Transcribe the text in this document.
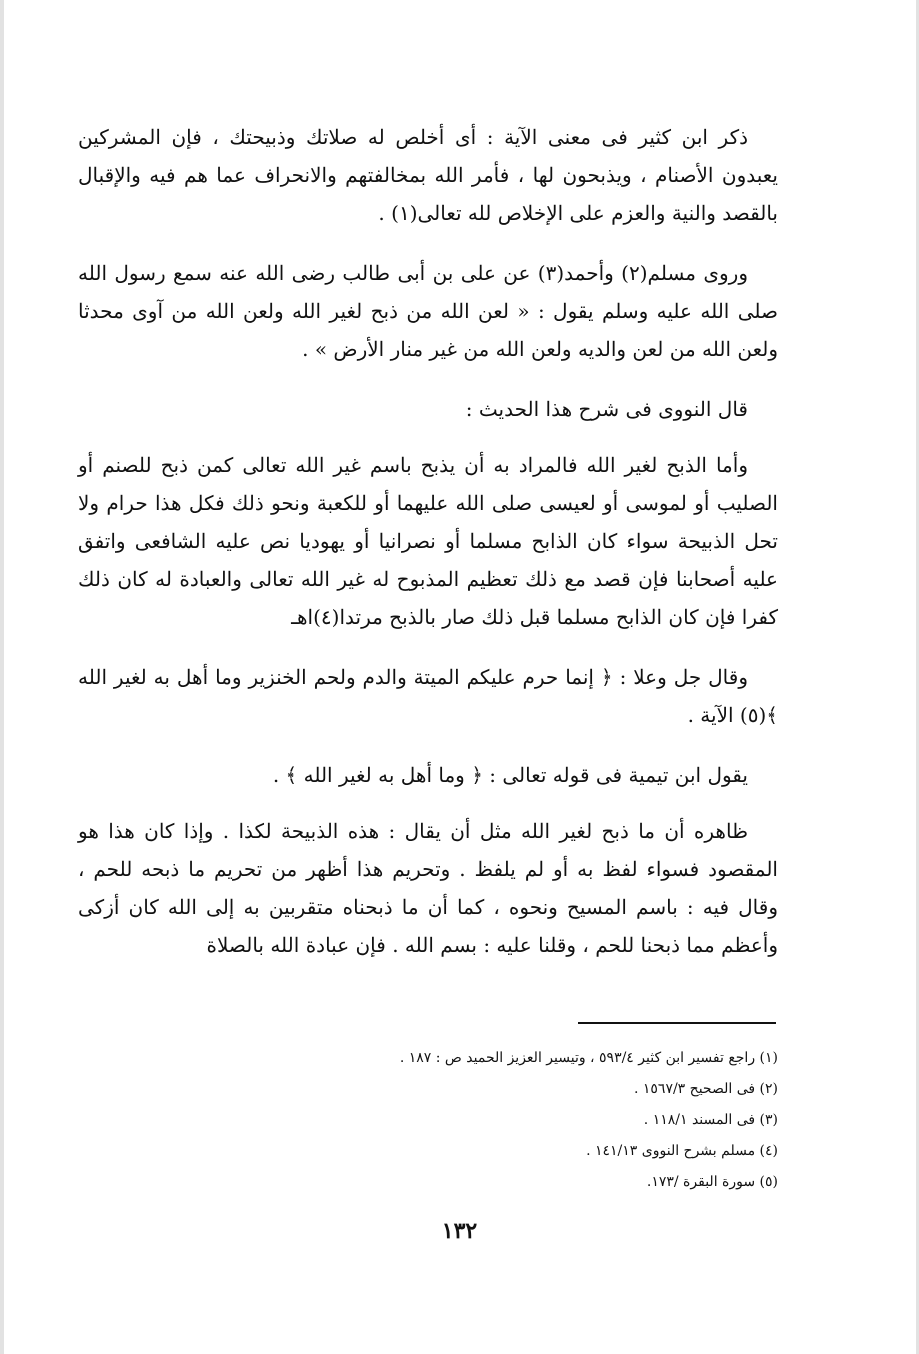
ذكر ابن كثير فى معنى الآية : أى أخلص له صلاتك وذبيحتك ، فإن المشركين يعبدون الأصنام ، ويذبحون لها ، فأمر الله بمخالفتهم والانحراف عما هم فيه والإقبال بالقصد والنية والعزم على الإخلاص لله تعالى(١) .

وروى مسلم(٢) وأحمد(٣) عن على بن أبى طالب رضى الله عنه سمع رسول الله صلى الله عليه وسلم يقول : « لعن الله من ذبح لغير الله ولعن الله من آوى محدثا ولعن الله من لعن والديه ولعن الله من غير منار الأرض » .

قال النووى فى شرح هذا الحديث :

وأما الذبح لغير الله فالمراد به أن يذبح باسم غير الله تعالى كمن ذبح للصنم أو الصليب أو لموسى أو لعيسى صلى الله عليهما أو للكعبة ونحو ذلك فكل هذا حرام ولا تحل الذبيحة سواء كان الذابح مسلما أو نصرانيا أو يهوديا نص عليه الشافعى واتفق عليه أصحابنا فإن قصد مع ذلك تعظيم المذبوح له غير الله تعالى والعبادة له كان ذلك كفرا فإن كان الذابح مسلما قبل ذلك صار بالذبح مرتدا(٤)اهـ

وقال جل وعلا : ﴿ إنما حرم عليكم الميتة والدم ولحم الخنزير وما أهل به لغير الله ﴾(٥) الآية .

يقول ابن تيمية فى قوله تعالى : ﴿ وما أهل به لغير الله ﴾ .

ظاهره أن ما ذبح لغير الله مثل أن يقال : هذه الذبيحة لكذا . وإذا كان هذا هو المقصود فسواء لفظ به أو لم يلفظ . وتحريم هذا أظهر من تحريم ما ذبحه للحم ، وقال فيه : باسم المسيح ونحوه ، كما أن ما ذبحناه متقربين به إلى الله كان أزكى وأعظم مما ذبحنا للحم ، وقلنا عليه : بسم الله . فإن عبادة الله بالصلاة

(١) راجع تفسير ابن كثير ٥٩٣/٤ ، وتيسير العزيز الحميد ص : ١٨٧ .

(٢) فى الصحيح ١٥٦٧/٣ .

(٣) فى المسند ١١٨/١ .

(٤) مسلم بشرح النووى ١٤١/١٣ .

(٥) سورة البقرة /١٧٣.

١٣٢
